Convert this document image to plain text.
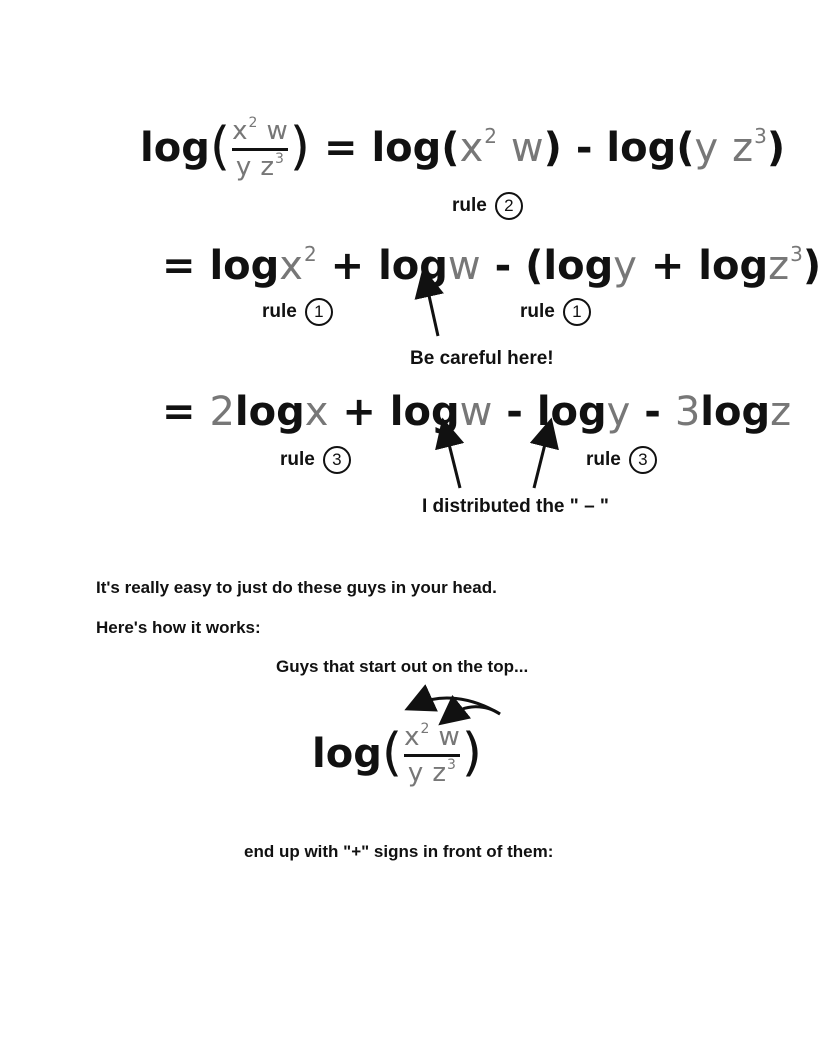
$\log( \frac{x^2 w}{y z^3}$ ) = $\log(x^2$ w) - log(y $z^3$)
rule 2
= logx$^2$ + logw - (logy + logz$^3$)
rule 1	rule 1
Be careful here!
= 2logx + logw - logy - 3logz
rule 3	rule 3
I distributed the " – "
It's really easy to just do these guys in your head.
Here's how it works:
Guys that start out on the top...
$\log( \frac{x^2 w}{y z^3}$ )
end up with "+" signs in front of them:
